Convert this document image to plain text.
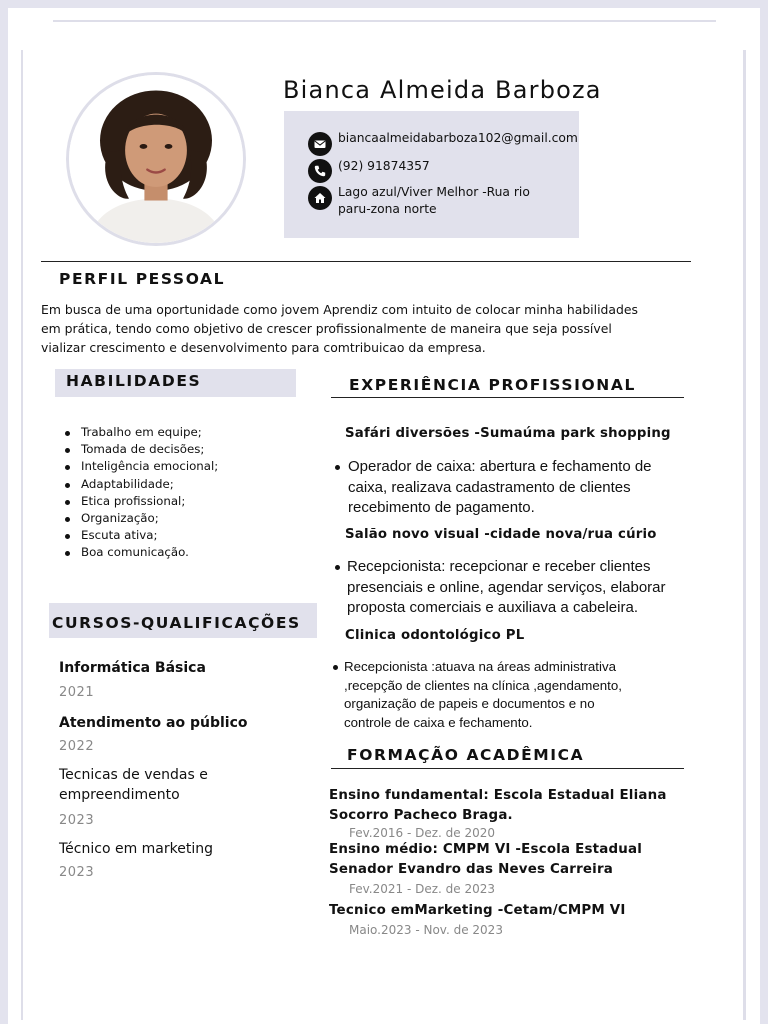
Bianca Almeida Barboza
biancaalmeidabarboza102@gmail.com
(92) 91874357
Lago azul/Viver Melhor -Rua rio
paru-zona norte
PERFIL PESSOAL
Em busca de uma oportunidade como jovem Aprendiz com intuito de colocar minha habilidades
em prática, tendo como objetivo de crescer profissionalmente de maneira que seja possível
vializar crescimento e desenvolvimento para comtribuicao da empresa.
HABILIDADES
Trabalho em equipe;
Tomada de decisões;
Inteligência emocional;
Adaptabilidade;
Etica profissional;
Organização;
Escuta ativa;
Boa comunicação.
CURSOS-QUALIFICAÇÕES
Informática Básica
2021
Atendimento ao público
2022
Tecnicas de vendas e
empreendimento
2023
Técnico em marketing
2023
EXPERIÊNCIA PROFISSIONAL
Safári diversões -Sumaúma park shopping
Operador de caixa: abertura e fechamento de
caixa, realizava cadastramento de clientes
recebimento de pagamento.
Salão novo visual -cidade nova/rua cúrio
Recepcionista: recepcionar e receber clientes
presenciais e online, agendar serviços, elaborar
proposta comerciais e auxiliava a cabeleira.
Clinica odontológico PL
Recepcionista :atuava na áreas administrativa
,recepção de clientes na clínica ,agendamento,
organização de papeis e documentos e no
controle de caixa e fechamento.
FORMAÇÃO ACADÊMICA
Ensino fundamental: Escola Estadual Eliana
Socorro Pacheco Braga.
Fev.2016 - Dez. de 2020
Ensino médio: CMPM VI -Escola Estadual
Senador Evandro das Neves Carreira
Fev.2021 - Dez. de 2023
Tecnico emMarketing -Cetam/CMPM VI
Maio.2023 - Nov. de 2023
